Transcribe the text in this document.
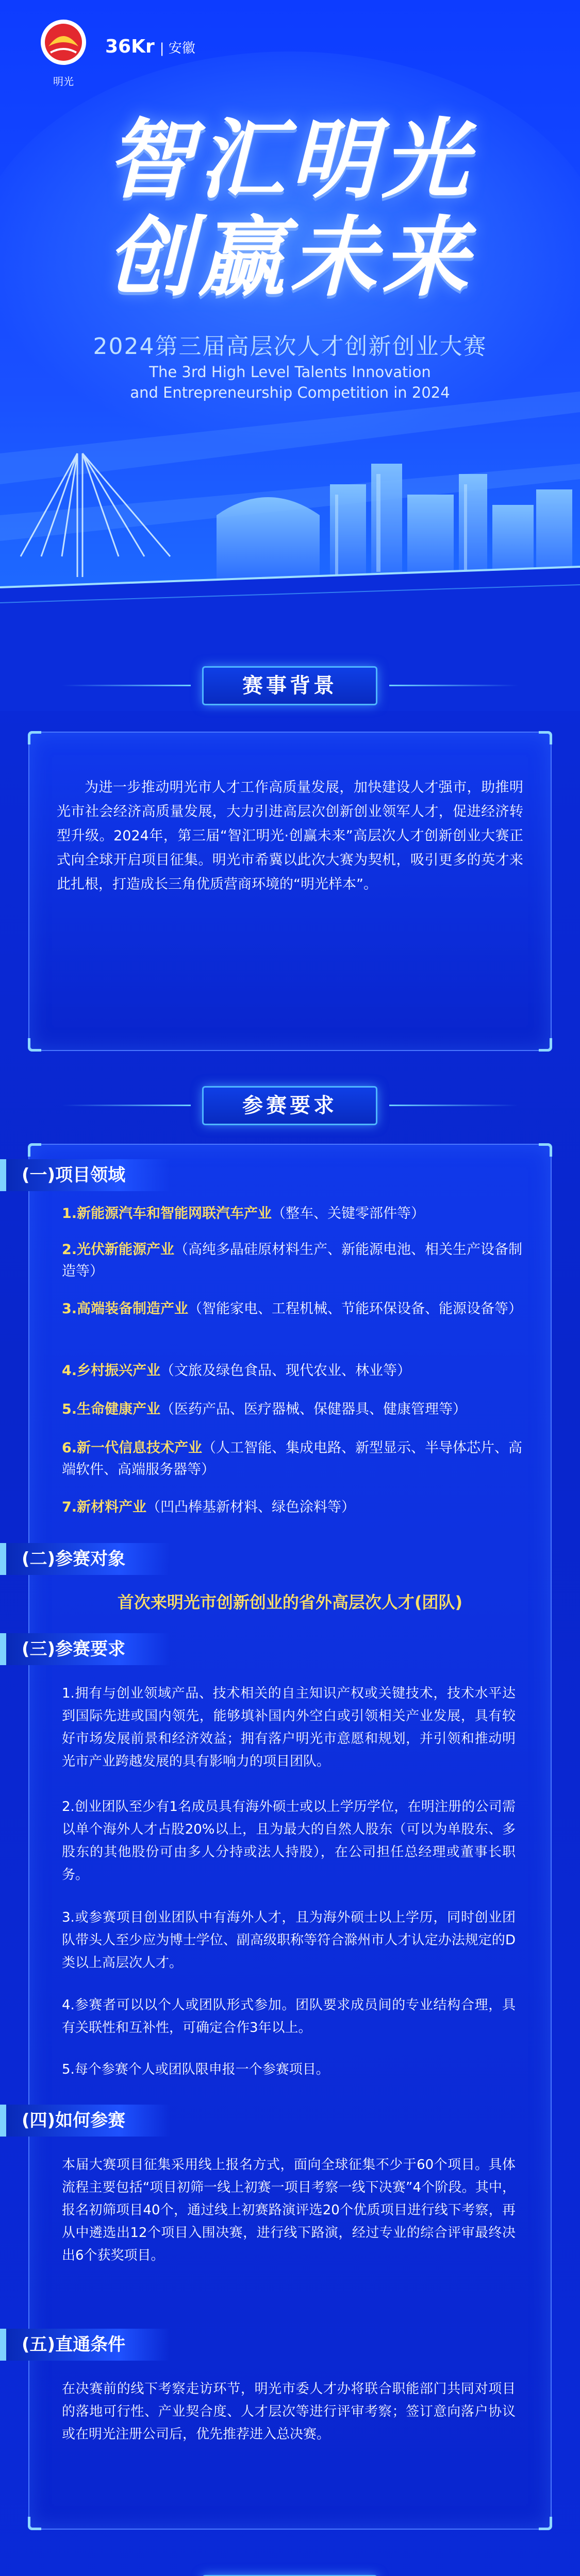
明光
36Kr | 安徽
智汇明光
创赢未来
2024第三届高层次人才创新创业大赛
The 3rd High Level Talents Innovation
and Entrepreneurship Competition in 2024
赛事背景
为进一步推动明光市人才工作高质量发展，加快建设人才强市，助推明光市社会经济高质量发展，大力引进高层次创新创业领军人才，促进经济转型升级。2024年，第三届“智汇明光·创赢未来”高层次人才创新创业大赛正式向全球开启项目征集。明光市希冀以此次大赛为契机，吸引更多的英才来此扎根，打造成长三角优质营商环境的“明光样本”。
参赛要求
(一)项目领域
1.新能源汽车和智能网联汽车产业（整车、关键零部件等）
2.光伏新能源产业（高纯多晶硅原材料生产、新能源电池、相关生产设备制造等）
3.高端装备制造产业（智能家电、工程机械、节能环保设备、能源设备等）
4.乡村振兴产业（文旅及绿色食品、现代农业、林业等）
5.生命健康产业（医药产品、医疗器械、保健器具、健康管理等）
6.新一代信息技术产业（人工智能、集成电路、新型显示、半导体芯片、高端软件、高端服务器等）
7.新材料产业（凹凸棒基新材料、绿色涂料等）
(二)参赛对象
首次来明光市创新创业的省外高层次人才(团队)
(三)参赛要求
1.拥有与创业领域产品、技术相关的自主知识产权或关键技术，技术水平达到国际先进或国内领先，能够填补国内外空白或引领相关产业发展，具有较好市场发展前景和经济效益；拥有落户明光市意愿和规划，并引领和推动明光市产业跨越发展的具有影响力的项目团队。
2.创业团队至少有1名成员具有海外硕士或以上学历学位，在明注册的公司需以单个海外人才占股20%以上，且为最大的自然人股东（可以为单股东、多股东的其他股份可由多人分持或法人持股），在公司担任总经理或董事长职务。
3.或参赛项目创业团队中有海外人才，且为海外硕士以上学历，同时创业团队带头人至少应为博士学位、副高级职称等符合滁州市人才认定办法规定的D类以上高层次人才。
4.参赛者可以以个人或团队形式参加。团队要求成员间的专业结构合理，具有关联性和互补性，可确定合作3年以上。
5.每个参赛个人或团队限申报一个参赛项目。
(四)如何参赛
本届大赛项目征集采用线上报名方式，面向全球征集不少于60个项目。具体流程主要包括“项目初筛一线上初赛一项目考察一线下决赛”4个阶段。其中，报名初筛项目40个，通过线上初赛路演评选20个优质项目进行线下考察，再从中遴选出12个项目入围决赛，进行线下路演，经过专业的综合评审最终决出6个获奖项目。
(五)直通条件
在决赛前的线下考察走访环节，明光市委人才办将联合职能部门共同对项目的落地可行性、产业契合度、人才层次等进行评审考察；签订意向落户协议或在明光注册公司后，优先推荐进入总决赛。
